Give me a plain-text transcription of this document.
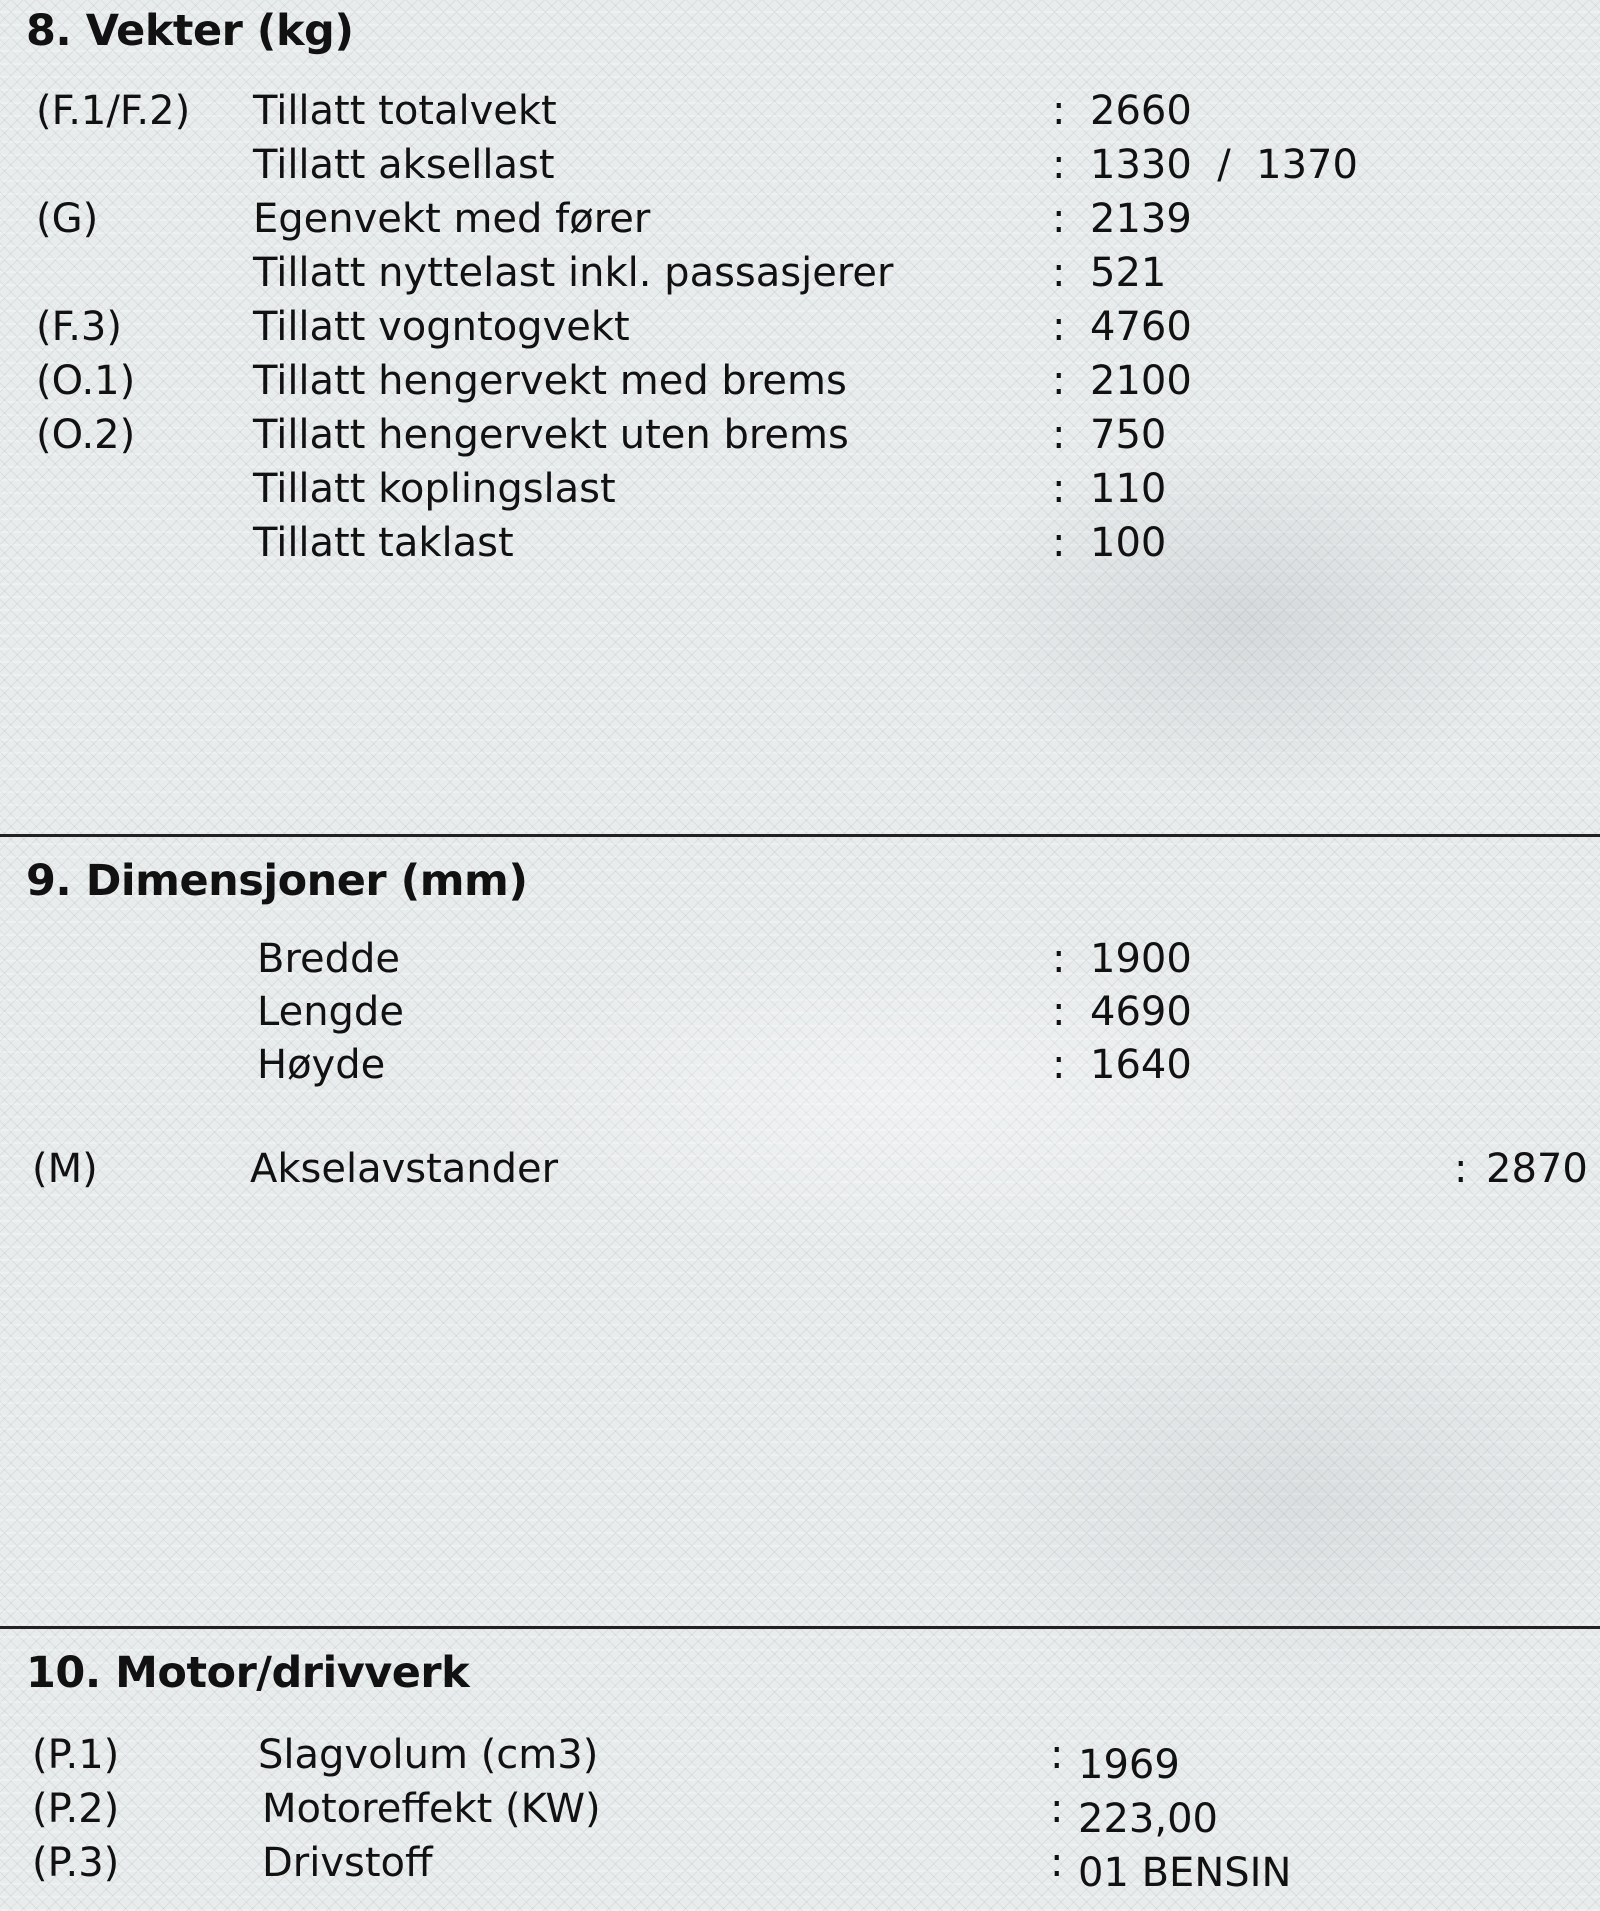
8. Vekter (kg)
(F.1/F.2) Tillatt totalvekt	: 2660
Tillatt aksellast	: 1330  /  1370
(G)	Egenvekt med fører	: 2139
Tillatt nyttelast inkl. passasjerer	: 521
(F.3)	Tillatt vogntogvekt	: 4760
(O.1)	Tillatt hengervekt med brems	: 2100
(O.2)	Tillatt hengervekt uten brems	: 750
Tillatt koplingslast	: 110
Tillatt taklast	: 100
9. Dimensjoner (mm)
Bredde	: 1900
Lengde	: 4690
Høyde	: 1640
(M)	Akselavstander	: 2870
10. Motor/drivverk
(P.1)	Slagvolum (cm3)	: 1969
(P.2)	Motoreffekt (KW)	: 223,00
(P.3)	Drivstoff	: 01 BENSIN
